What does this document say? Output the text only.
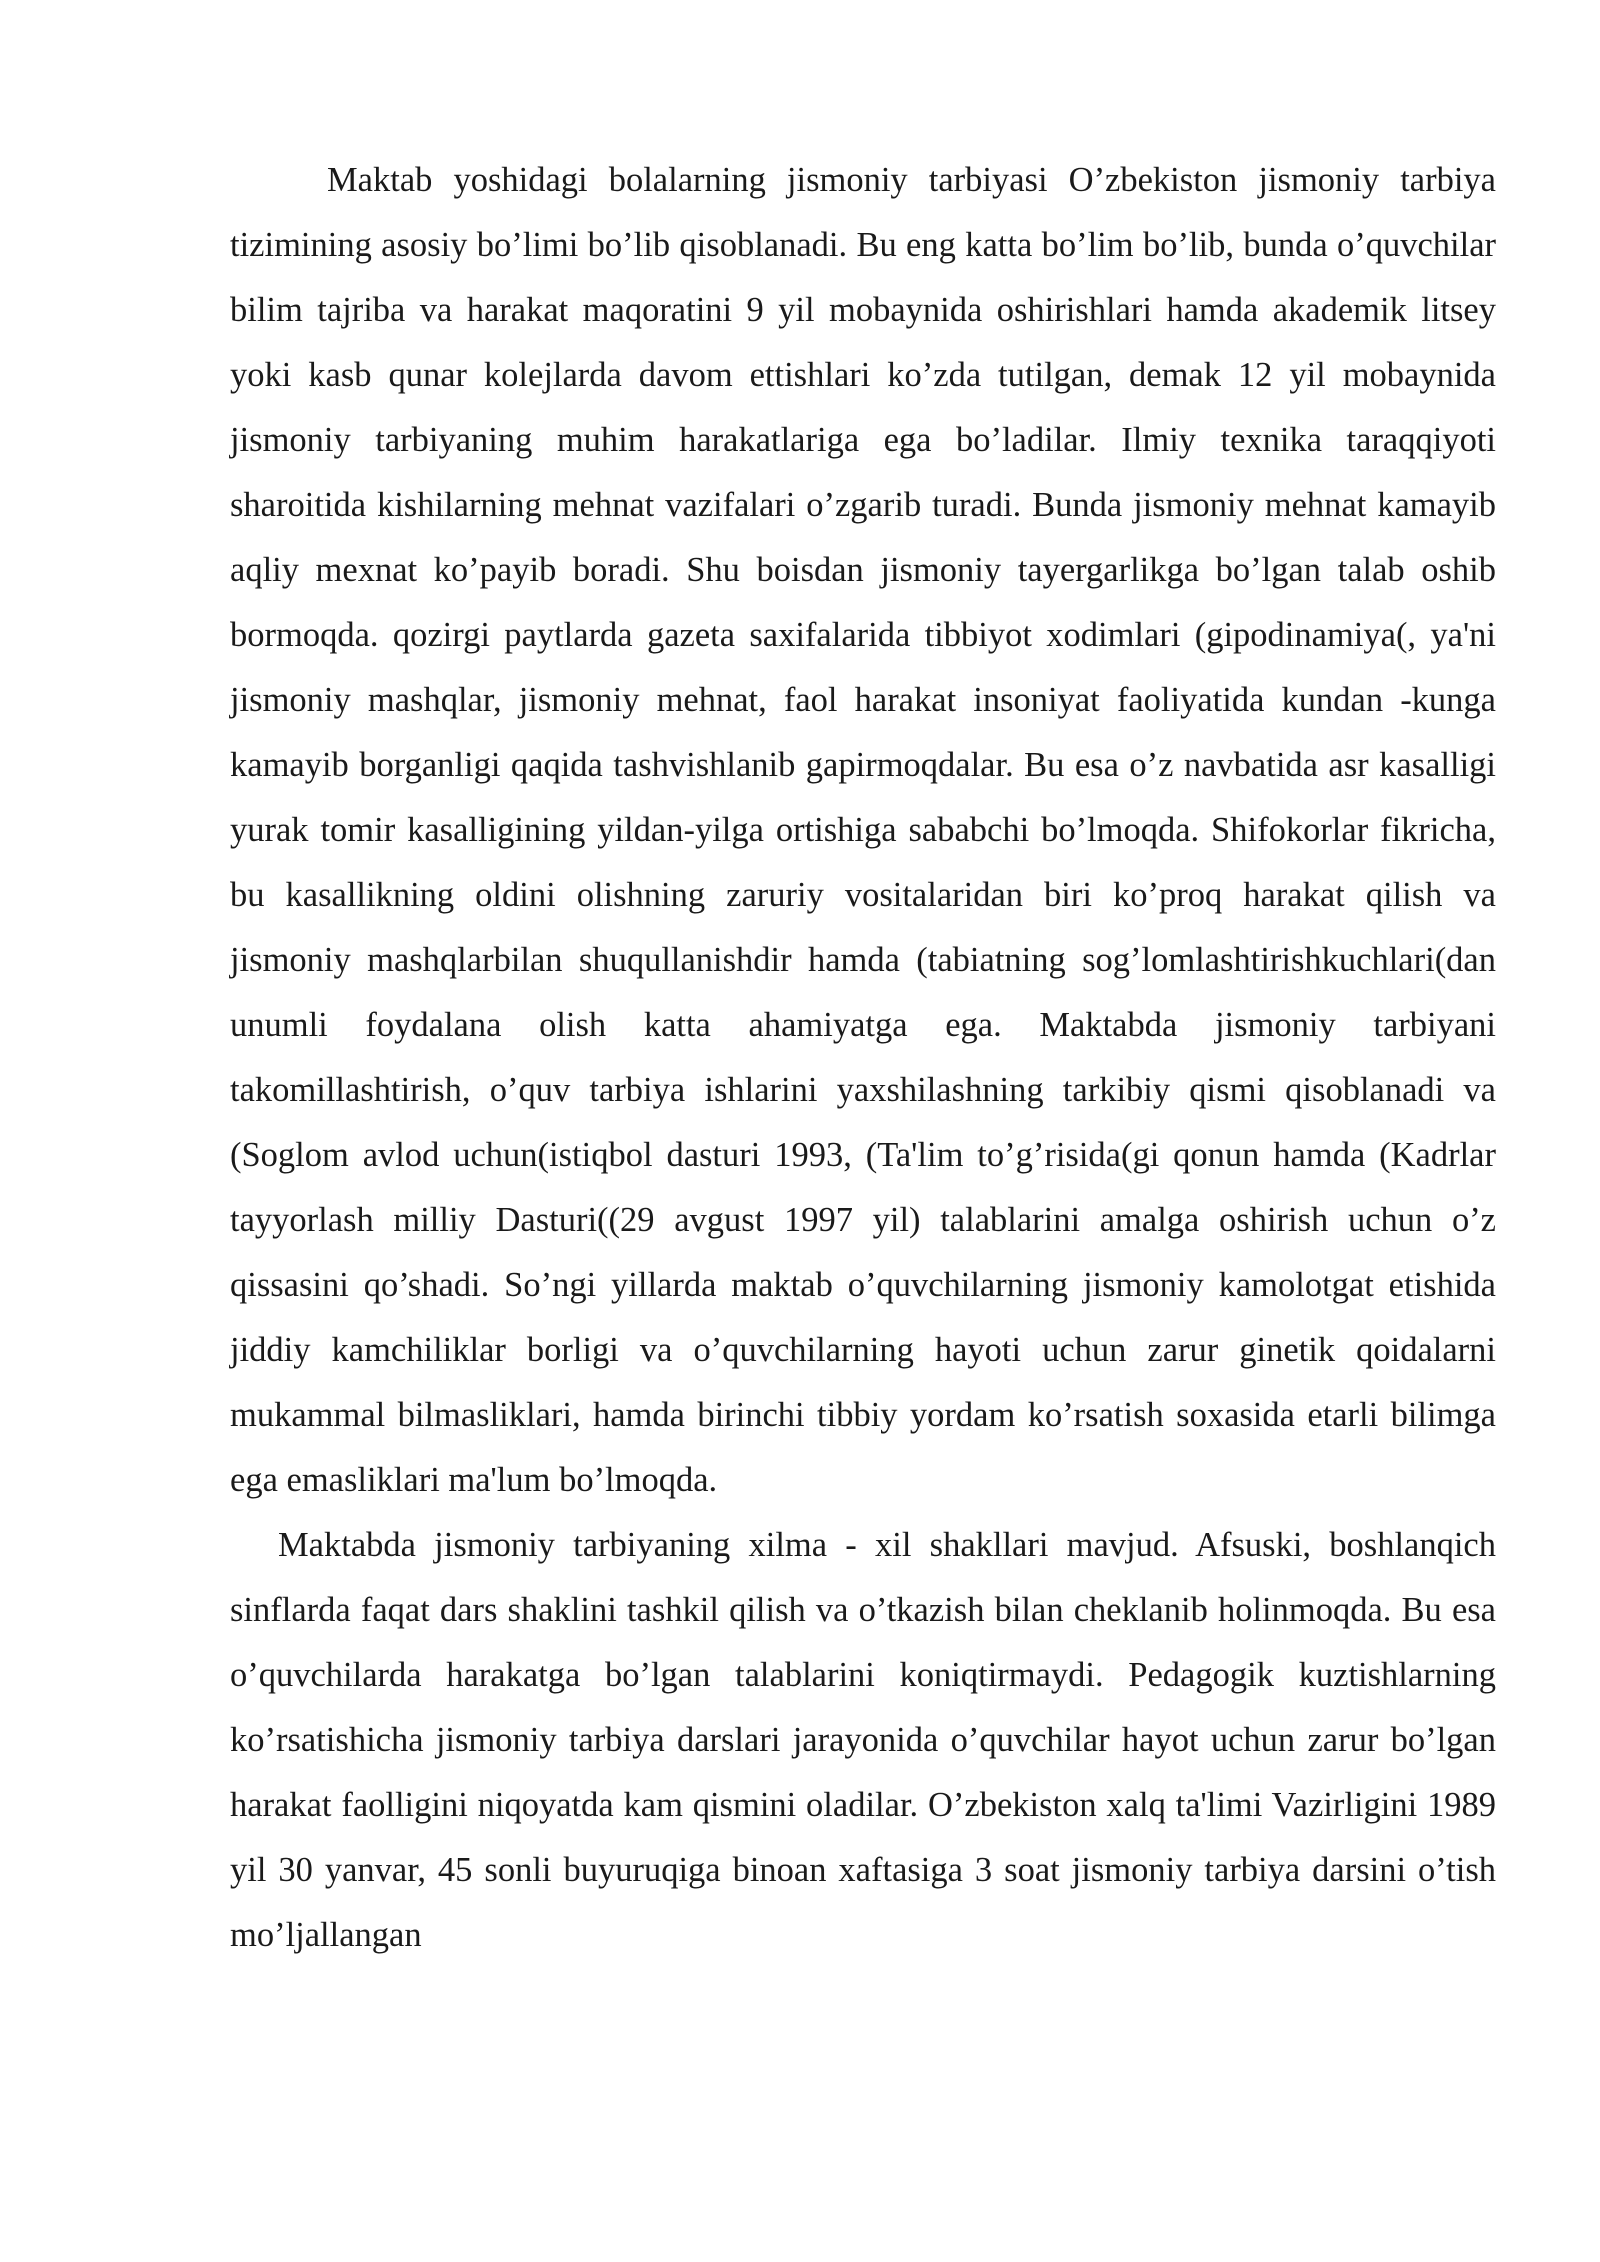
Maktab yoshidagi bolalarning jismoniy tarbiyasi O’zbekiston jismoniy tarbiya tizimining asosiy bo’limi bo’lib qisoblanadi. Bu eng katta bo’lim bo’lib, bunda o’quvchilar bilim tajriba va harakat maqoratini 9 yil mobaynida oshirishlari hamda akademik litsey yoki kasb qunar kolejlarda davom ettishlari ko’zda tutilgan, demak 12 yil mobaynida jismoniy tarbiyaning muhim harakatlariga ega bo’ladilar. Ilmiy texnika taraqqiyoti sharoitida kishilarning mehnat vazifalari o’zgarib turadi. Bunda jismoniy mehnat kamayib aqliy mexnat ko’payib boradi. Shu boisdan jismoniy tayergarlikga bo’lgan talab oshib bormoqda. qozirgi paytlarda gazeta saxifalarida tibbiyot xodimlari (gipodinamiya(, ya'ni jismoniy mashqlar, jismoniy mehnat, faol harakat insoniyat faoliyatida kundan -kunga kamayib borganligi qaqida tashvishlanib gapirmoqdalar. Bu esa o’z navbatida asr kasalligi yurak tomir kasalligining yildan-yilga ortishiga sababchi bo’lmoqda. Shifokorlar fikricha, bu kasallikning oldini olishning zaruriy vositalaridan biri ko’proq harakat qilish va jismoniy mashqlarbilan shuqullanishdir hamda (tabiatning sog’lomlashtirishkuchlari(dan unumli foydalana olish katta ahamiyatga ega. Maktabda jismoniy tarbiyani takomillashtirish, o’quv tarbiya ishlarini yaxshilashning tarkibiy qismi qisoblanadi va (Soglom avlod uchun(istiqbol dasturi 1993, (Ta'lim to’g’risida(gi qonun hamda (Kadrlar tayyorlash milliy Dasturi((29 avgust 1997 yil) talablarini amalga oshirish uchun o’z qissasini qo’shadi. So’ngi yillarda maktab o’quvchilarning jismoniy kamolotgat etishida jiddiy kamchiliklar borligi va o’quvchilarning hayoti uchun zarur ginetik qoidalarni mukammal bilmasliklari, hamda birinchi tibbiy yordam ko’rsatish soxasida etarli bilimga ega emasliklari ma'lum bo’lmoqda.

Maktabda jismoniy tarbiyaning xilma - xil shakllari mavjud. Afsuski, boshlanqich sinflarda faqat dars shaklini tashkil qilish va o’tkazish bilan cheklanib holinmoqda. Bu esa o’quvchilarda harakatga bo’lgan talablarini koniqtirmaydi. Pedagogik kuztishlarning ko’rsatishicha jismoniy tarbiya darslari jarayonida o’quvchilar hayot uchun zarur bo’lgan harakat faolligini niqoyatda kam qismini oladilar. O’zbekiston xalq ta'limi Vazirligini 1989 yil 30 yanvar, 45 sonli buyuruqiga binoan xaftasiga 3 soat jismoniy tarbiya darsini o’tish mo’ljallangan
